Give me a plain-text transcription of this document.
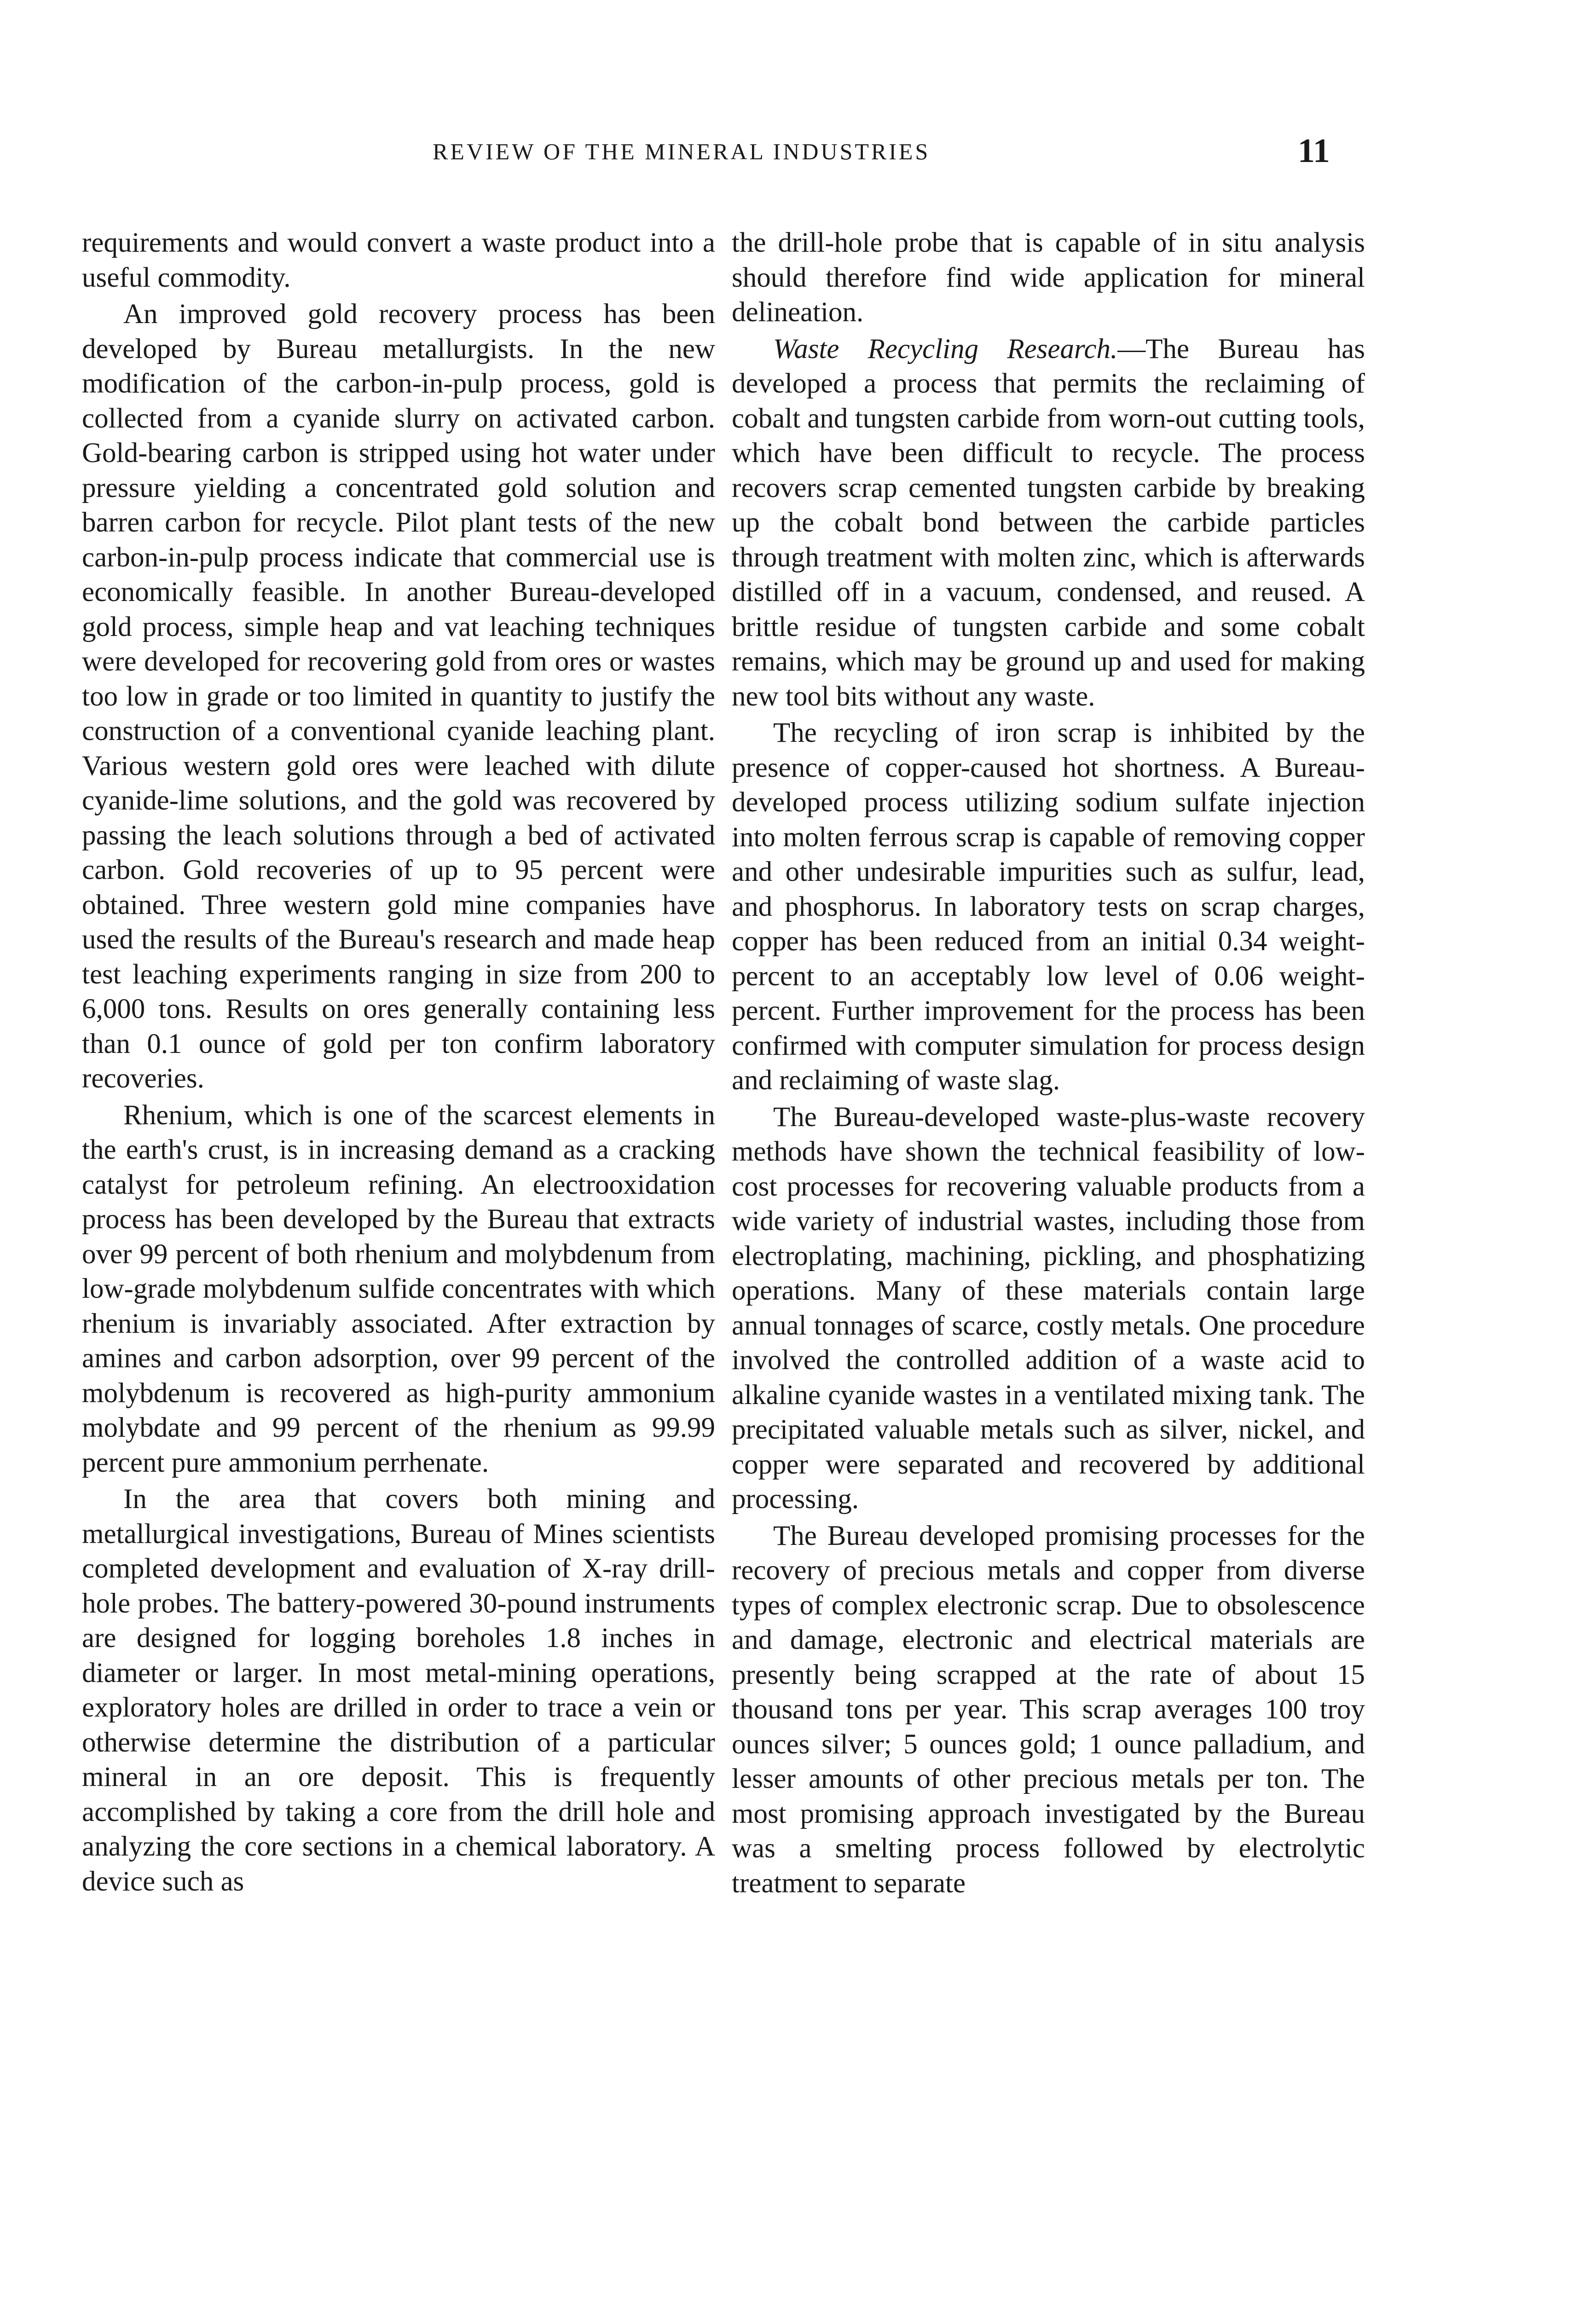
REVIEW OF THE MINERAL INDUSTRIES	11

requirements and would convert a waste product into a useful commodity.

An improved gold recovery process has been developed by Bureau metallurgists. In the new modification of the carbon-in-pulp process, gold is collected from a cyanide slurry on activated carbon. Gold-bearing carbon is stripped using hot water under pressure yielding a concentrated gold solution and barren carbon for recycle. Pilot plant tests of the new carbon-in-pulp process indicate that commercial use is economically feasible. In another Bureau-developed gold process, simple heap and vat leaching techniques were developed for recovering gold from ores or wastes too low in grade or too limited in quantity to justify the construction of a conventional cyanide leaching plant. Various western gold ores were leached with dilute cyanide-lime solutions, and the gold was recovered by passing the leach solutions through a bed of activated carbon. Gold recoveries of up to 95 percent were obtained. Three western gold mine companies have used the results of the Bureau's research and made heap test leaching experiments ranging in size from 200 to 6,000 tons. Results on ores generally containing less than 0.1 ounce of gold per ton confirm laboratory recoveries.

Rhenium, which is one of the scarcest elements in the earth's crust, is in increasing demand as a cracking catalyst for petroleum refining. An electrooxidation process has been developed by the Bureau that extracts over 99 percent of both rhenium and molybdenum from low-grade molybdenum sulfide concentrates with which rhenium is invariably associated. After extraction by amines and carbon adsorption, over 99 percent of the molybdenum is recovered as high-purity ammonium molybdate and 99 percent of the rhenium as 99.99 percent pure ammonium perrhenate.

In the area that covers both mining and metallurgical investigations, Bureau of Mines scientists completed development and evaluation of X-ray drill-hole probes. The battery-powered 30-pound instruments are designed for logging boreholes 1.8 inches in diameter or larger. In most metal-mining operations, exploratory holes are drilled in order to trace a vein or otherwise determine the distribution of a particular mineral in an ore deposit. This is frequently accomplished by taking a core from the drill hole and analyzing the core sections in a chemical laboratory. A device such as

the drill-hole probe that is capable of in situ analysis should therefore find wide application for mineral delineation.

Waste Recycling Research.—The Bureau has developed a process that permits the reclaiming of cobalt and tungsten carbide from worn-out cutting tools, which have been difficult to recycle. The process recovers scrap cemented tungsten carbide by breaking up the cobalt bond between the carbide particles through treatment with molten zinc, which is afterwards distilled off in a vacuum, condensed, and reused. A brittle residue of tungsten carbide and some cobalt remains, which may be ground up and used for making new tool bits without any waste.

The recycling of iron scrap is inhibited by the presence of copper-caused hot shortness. A Bureau-developed process utilizing sodium sulfate injection into molten ferrous scrap is capable of removing copper and other undesirable impurities such as sulfur, lead, and phosphorus. In laboratory tests on scrap charges, copper has been reduced from an initial 0.34 weight-percent to an acceptably low level of 0.06 weight-percent. Further improvement for the process has been confirmed with computer simulation for process design and reclaiming of waste slag.

The Bureau-developed waste-plus-waste recovery methods have shown the technical feasibility of low-cost processes for recovering valuable products from a wide variety of industrial wastes, including those from electroplating, machining, pickling, and phosphatizing operations. Many of these materials contain large annual tonnages of scarce, costly metals. One procedure involved the controlled addition of a waste acid to alkaline cyanide wastes in a ventilated mixing tank. The precipitated valuable metals such as silver, nickel, and copper were separated and recovered by additional processing.

The Bureau developed promising processes for the recovery of precious metals and copper from diverse types of complex electronic scrap. Due to obsolescence and damage, electronic and electrical materials are presently being scrapped at the rate of about 15 thousand tons per year. This scrap averages 100 troy ounces silver; 5 ounces gold; 1 ounce palladium, and lesser amounts of other precious metals per ton. The most promising approach investigated by the Bureau was a smelting process followed by electrolytic treatment to separate
